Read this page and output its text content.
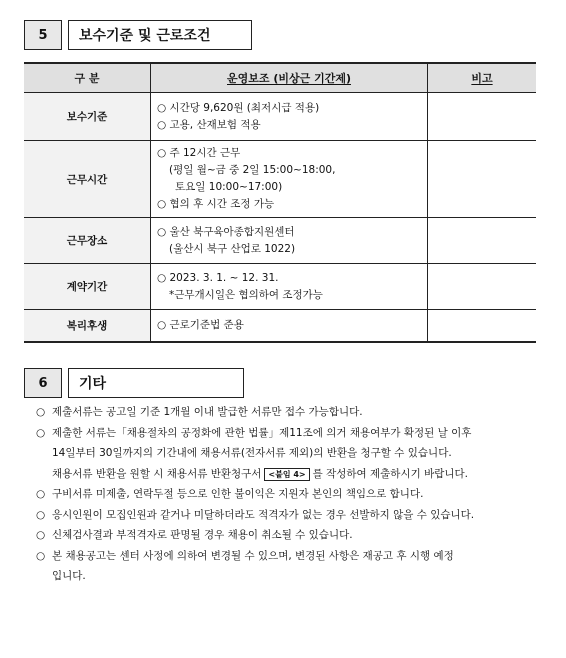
5	보수기준 및 근로조건
구 분	운영보조 (비상근 기간제)	비고
보수기준	○ 시간당 9,620원 (최저시급 적용)
○ 고용, 산재보험 적용	

근무시간	○ 주 12시간 근무
(평일 월~금 중 2일 15:00~18:00,
토요일 10:00~17:00)
○ 협의 후 시간 조정 가능	

근무장소	○ 울산 북구육아종합지원센터
(울산시 북구 산업로 1022)	

계약기간	○ 2023. 3. 1. ~ 12. 31.
*근무개시일은 협의하여 조정가능	

복리후생	○ 근로기준법 준용	

6	기타
○ 제출서류는 공고일 기준 1개월 이내 발급한 서류만 접수 가능합니다.
○ 제출한 서류는「채용절차의 공정화에 관한 법률」제11조에 의거 채용여부가 확정된 날 이후
14일부터 30일까지의 기간내에 채용서류(전자서류 제외)의 반환을 청구할 수 있습니다.
채용서류 반환을 원할 시 채용서류 반환청구서 <붙임 4> 를 작성하여 제출하시기 바랍니다.
○ 구비서류 미제출, 연락두절 등으로 인한 불이익은 지원자 본인의 책임으로 합니다.
○ 응시인원이 모집인원과 같거나 미달하더라도 적격자가 없는 경우 선발하지 않을 수 있습니다.
○ 신체검사결과 부적격자로 판명될 경우 채용이 취소될 수 있습니다.
○ 본 채용공고는 센터 사정에 의하여 변경될 수 있으며, 변경된 사항은 재공고 후 시행 예정
입니다.
